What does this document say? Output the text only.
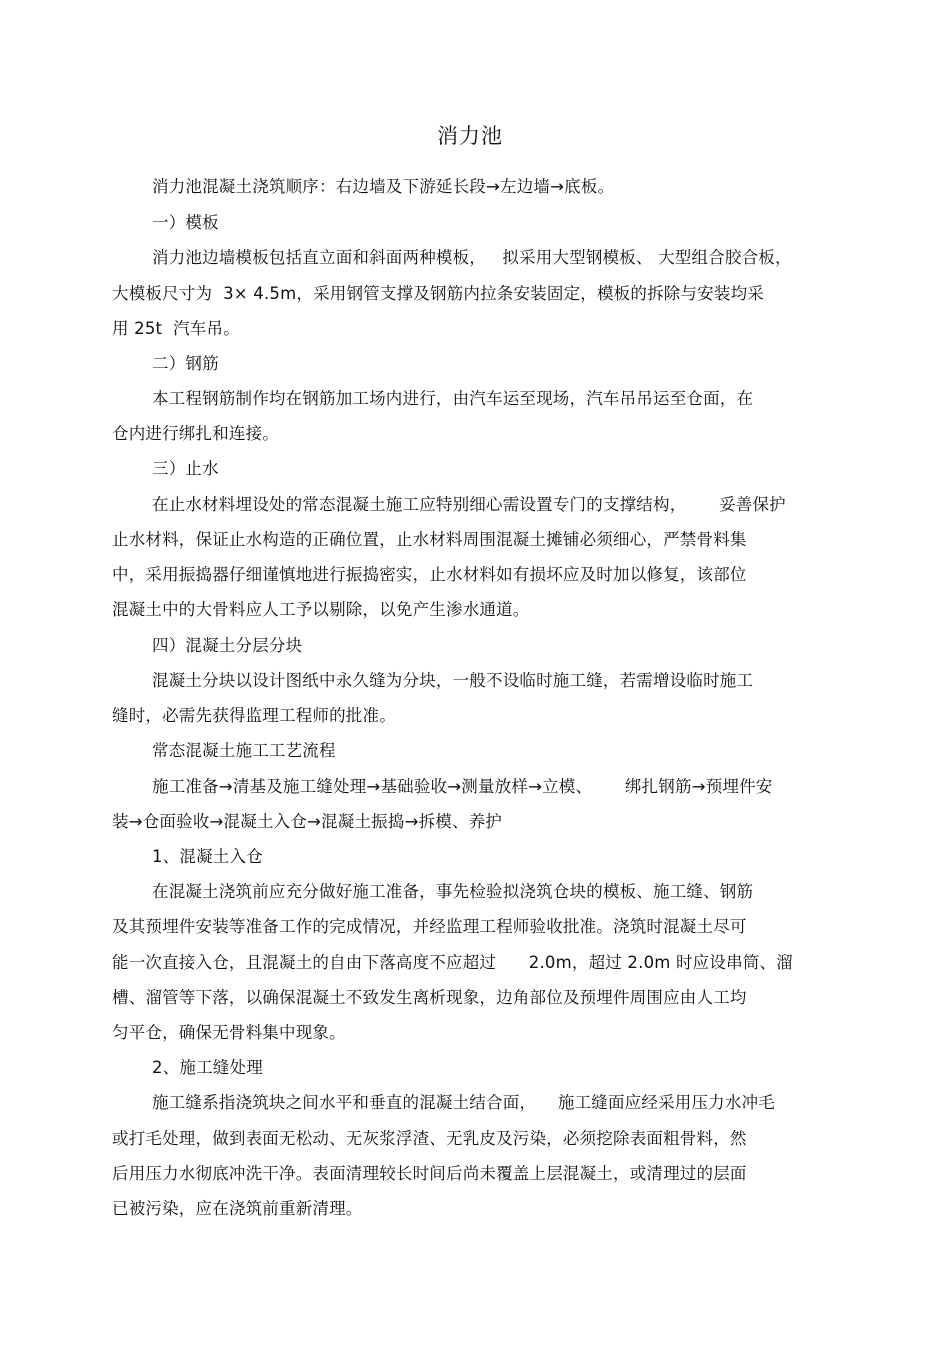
消力池
消力池混凝土浇筑顺序：右边墙及下游延长段→左边墙→底板。
一）模板
消力池边墙模板包括直立面和斜面两种模板，   拟采用大型钢模板、 大型组合胶合板，
大模板尺寸为  3× 4.5m，采用钢管支撑及钢筋内拉条安装固定，模板的拆除与安装均采
用 25t  汽车吊。
二）钢筋
本工程钢筋制作均在钢筋加工场内进行，由汽车运至现场，汽车吊吊运至仓面，在
仓内进行绑扎和连接。
三）止水
在止水材料埋设处的常态混凝土施工应特别细心需设置专门的支撑结构，      妥善保护
止水材料，保证止水构造的正确位置，止水材料周围混凝土摊铺必须细心，严禁骨料集
中，采用振捣器仔细谨慎地进行振捣密实，止水材料如有损坏应及时加以修复，该部位
混凝土中的大骨料应人工予以剔除，以免产生渗水通道。
四）混凝土分层分块
混凝土分块以设计图纸中永久缝为分块，一般不设临时施工缝，若需增设临时施工
缝时，必需先获得监理工程师的批准。
常态混凝土施工工艺流程
施工准备→清基及施工缝处理→基础验收→测量放样→立模、      绑扎钢筋→预埋件安
装→仓面验收→混凝土入仓→混凝土振捣→拆模、养护
1、混凝土入仓
在混凝土浇筑前应充分做好施工准备，事先检验拟浇筑仓块的模板、施工缝、钢筋
及其预埋件安装等准备工作的完成情况，并经监理工程师验收批准。浇筑时混凝土尽可
能一次直接入仓，且混凝土的自由下落高度不应超过      2.0m，超过 2.0m 时应设串筒、溜
槽、溜管等下落，以确保混凝土不致发生离析现象，边角部位及预埋件周围应由人工均
匀平仓，确保无骨料集中现象。
2、施工缝处理
施工缝系指浇筑块之间水平和垂直的混凝土结合面，    施工缝面应经采用压力水冲毛
或打毛处理，做到表面无松动、无灰浆浮渣、无乳皮及污染，必须挖除表面粗骨料，然
后用压力水彻底冲洗干净。表面清理较长时间后尚未覆盖上层混凝土，或清理过的层面
已被污染，应在浇筑前重新清理。
